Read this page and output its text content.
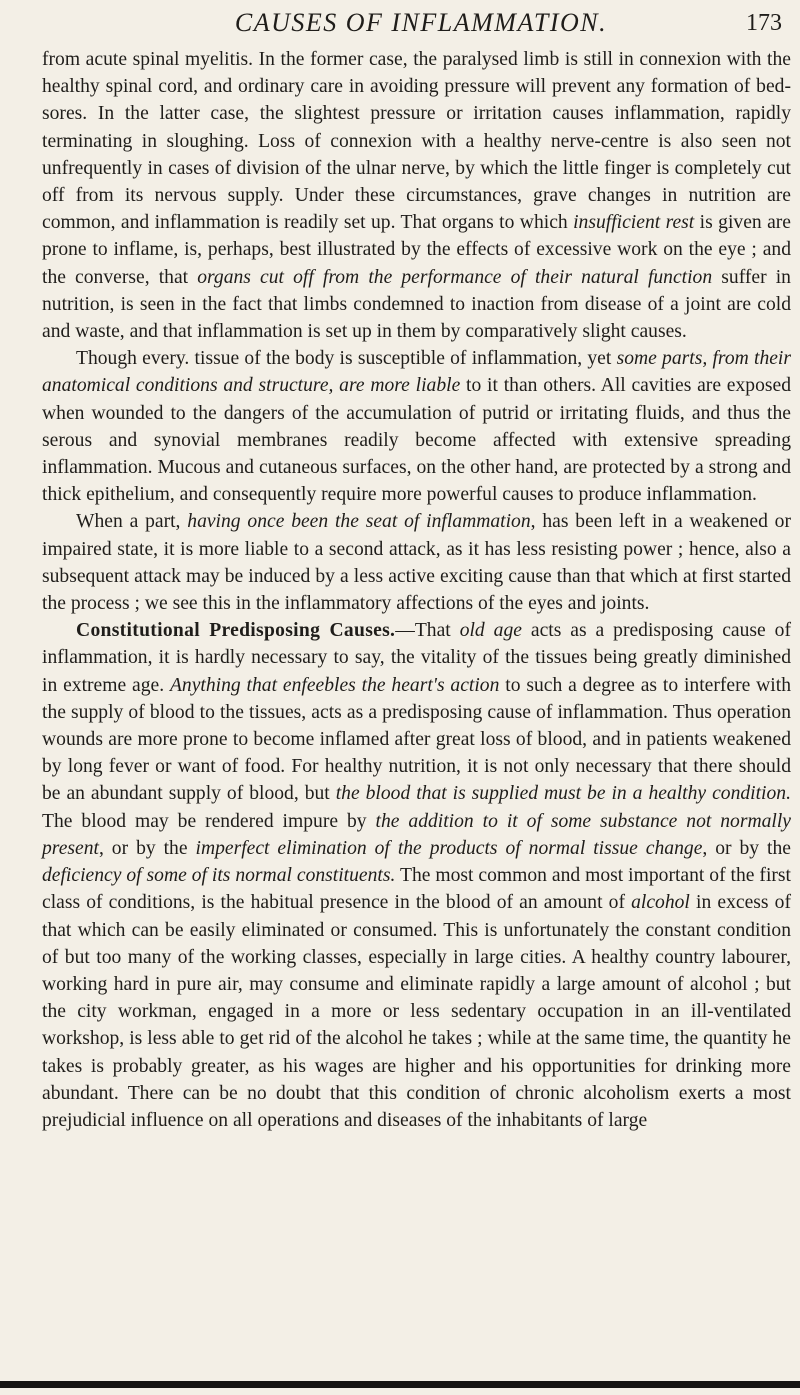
CAUSES OF INFLAMMATION.	173

from acute spinal myelitis. In the former case, the paralysed limb is still in connexion with the healthy spinal cord, and ordinary care in avoiding pressure will prevent any formation of bed-sores. In the latter case, the slightest pressure or irritation causes inflammation, rapidly terminating in sloughing. Loss of connexion with a healthy nerve-centre is also seen not unfrequently in cases of division of the ulnar nerve, by which the little finger is completely cut off from its nervous supply. Under these circumstances, grave changes in nutrition are common, and inflammation is readily set up. That organs to which insufficient rest is given are prone to inflame, is, perhaps, best illustrated by the effects of excessive work on the eye ; and the converse, that organs cut off from the performance of their natural function suffer in nutrition, is seen in the fact that limbs condemned to inaction from disease of a joint are cold and waste, and that inflammation is set up in them by comparatively slight causes.

Though every. tissue of the body is susceptible of inflammation, yet some parts, from their anatomical conditions and structure, are more liable to it than others. All cavities are exposed when wounded to the dangers of the accumulation of putrid or irritating fluids, and thus the serous and synovial membranes readily become affected with extensive spreading inflammation. Mucous and cutaneous surfaces, on the other hand, are protected by a strong and thick epithelium, and consequently require more powerful causes to produce inflammation.

When a part, having once been the seat of inflammation, has been left in a weakened or impaired state, it is more liable to a second attack, as it has less resisting power ; hence, also a subsequent attack may be induced by a less active exciting cause than that which at first started the process ; we see this in the inflammatory affections of the eyes and joints.

Constitutional Predisposing Causes.—That old age acts as a predisposing cause of inflammation, it is hardly necessary to say, the vitality of the tissues being greatly diminished in extreme age. Anything that enfeebles the heart's action to such a degree as to interfere with the supply of blood to the tissues, acts as a predisposing cause of inflammation. Thus operation wounds are more prone to become inflamed after great loss of blood, and in patients weakened by long fever or want of food. For healthy nutrition, it is not only necessary that there should be an abundant supply of blood, but the blood that is supplied must be in a healthy condition. The blood may be rendered impure by the addition to it of some substance not normally present, or by the imperfect elimination of the products of normal tissue change, or by the deficiency of some of its normal constituents. The most common and most important of the first class of conditions, is the habitual presence in the blood of an amount of alcohol in excess of that which can be easily eliminated or consumed. This is unfortunately the constant condition of but too many of the working classes, especially in large cities. A healthy country labourer, working hard in pure air, may consume and eliminate rapidly a large amount of alcohol ; but the city workman, engaged in a more or less sedentary occupation in an ill-ventilated workshop, is less able to get rid of the alcohol he takes ; while at the same time, the quantity he takes is probably greater, as his wages are higher and his opportunities for drinking more abundant. There can be no doubt that this condition of chronic alcoholism exerts a most prejudicial influence on all operations and diseases of the inhabitants of large
